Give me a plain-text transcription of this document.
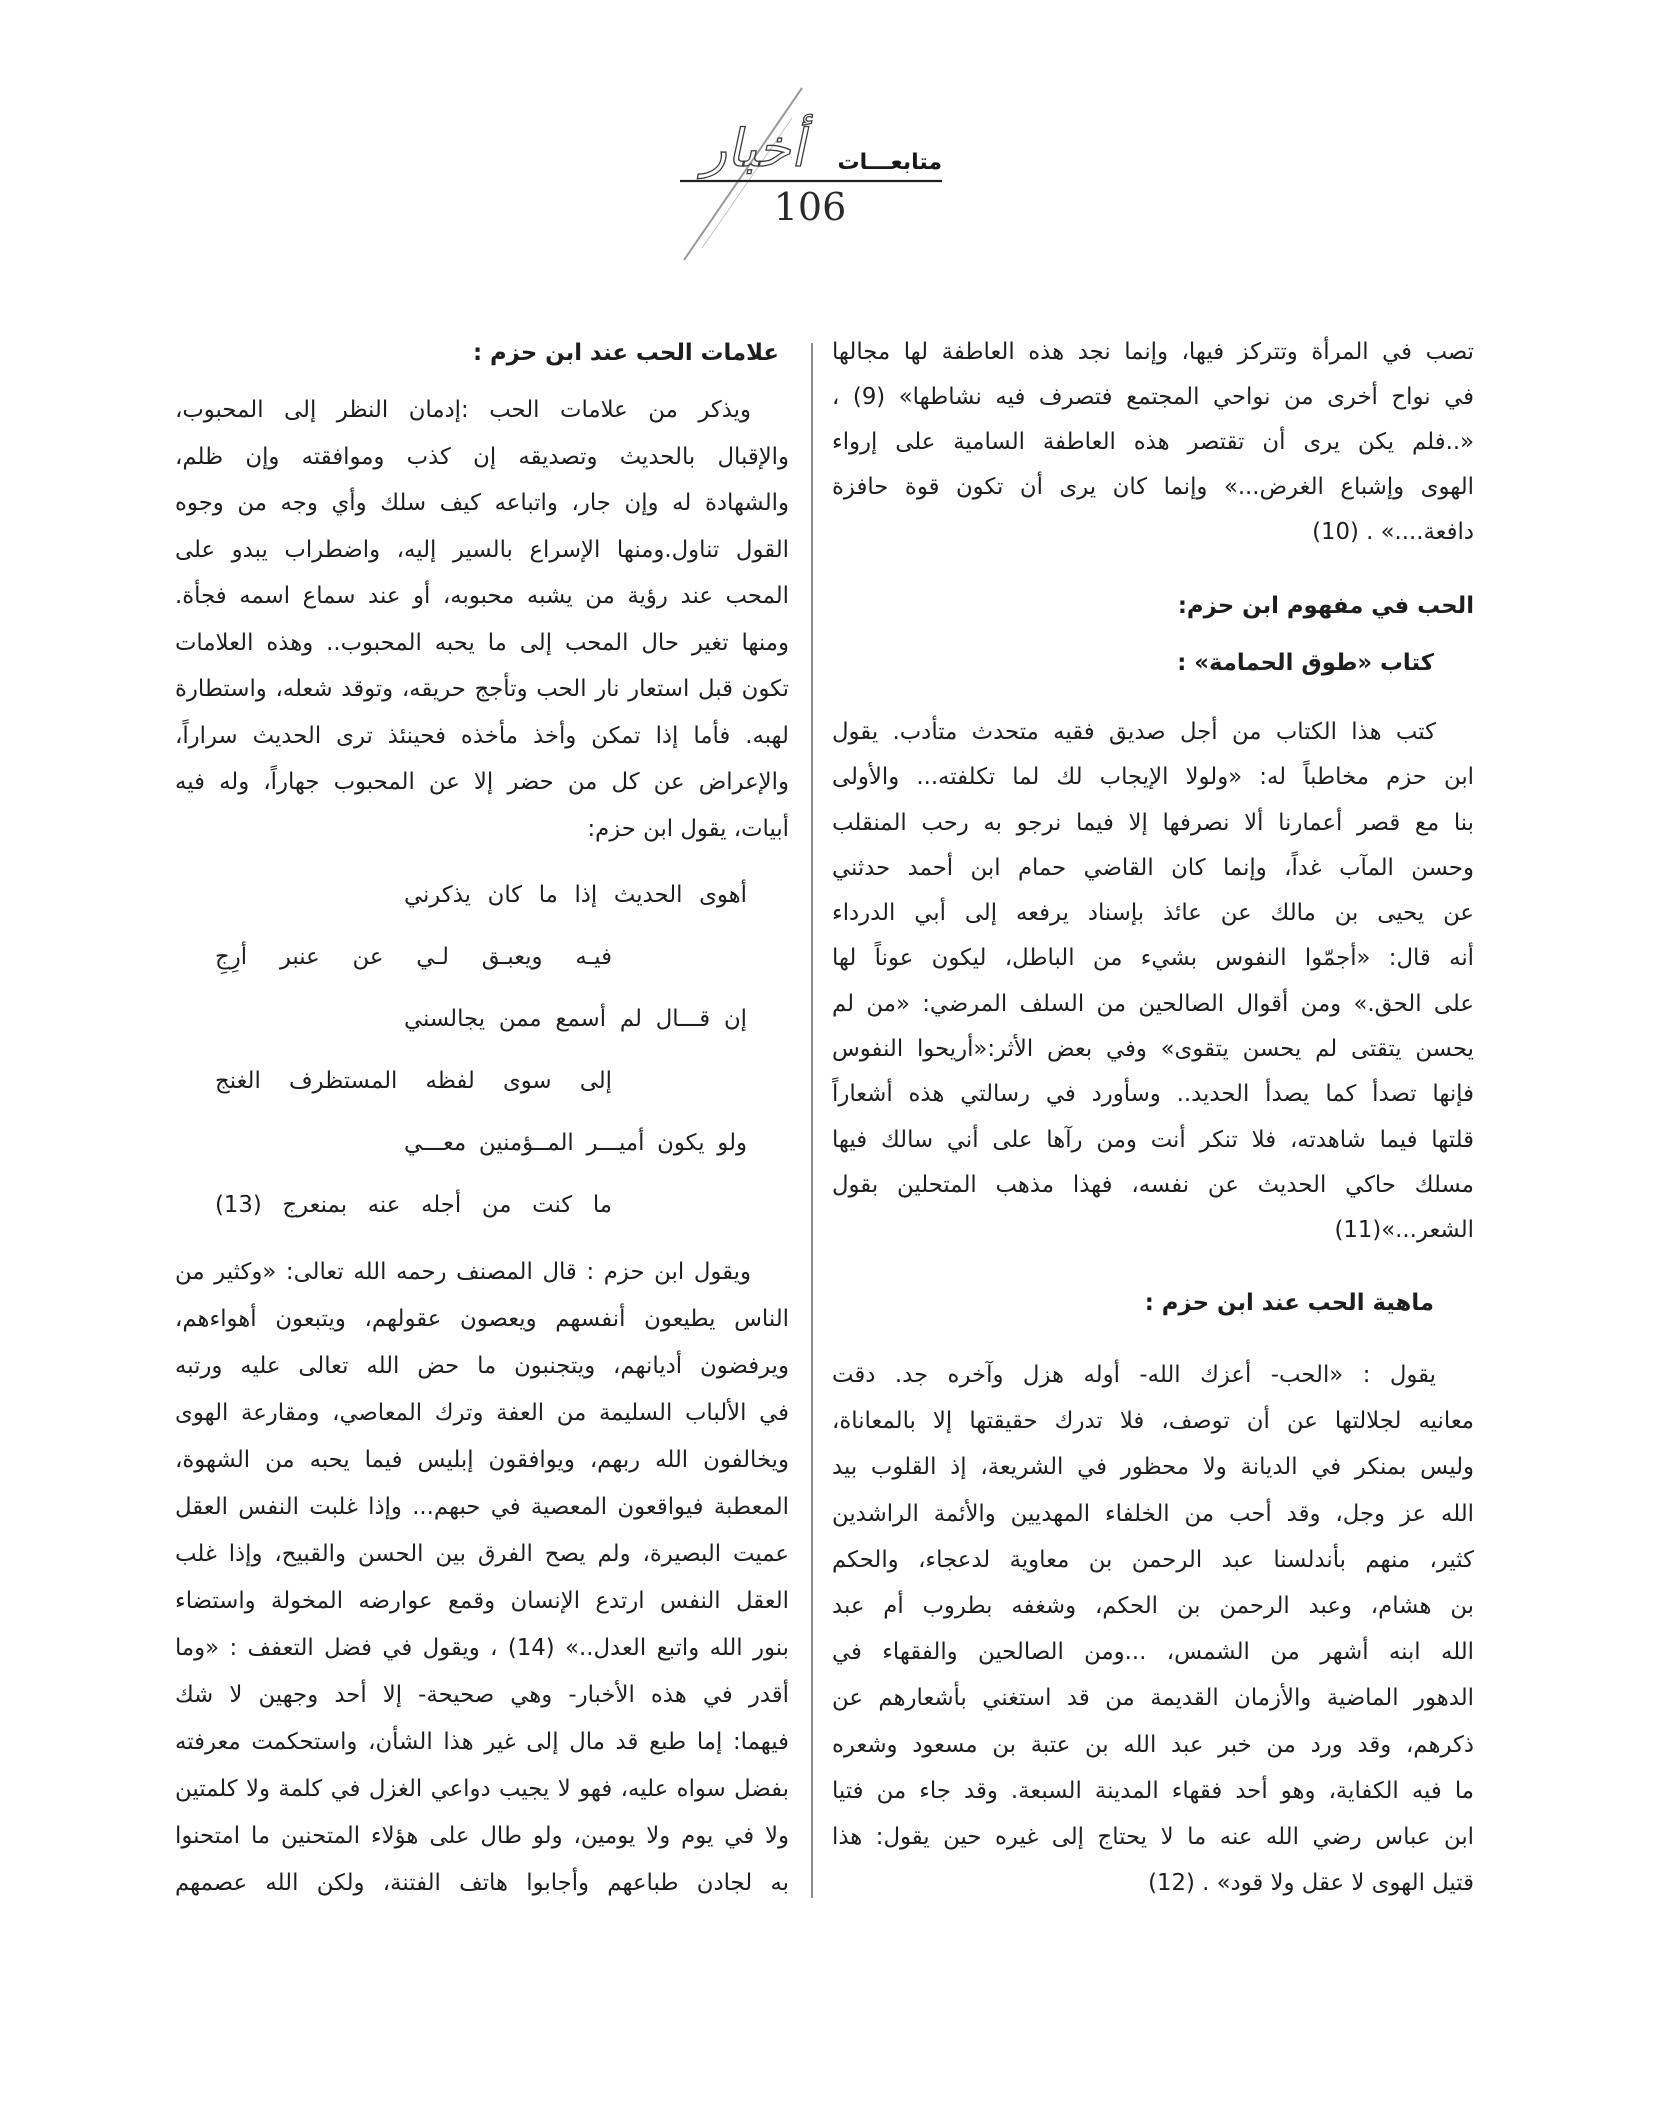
أخبار متابعـــات
106
تصب في المرأة وتتركز فيها، وإنما نجد هذه العاطفة لها مجالها
في نواح أخرى من نواحي المجتمع فتصرف فيه نشاطها» (9) ،
«..فلم يكن يرى أن تقتصر هذه العاطفة السامية على إرواء
الهوى وإشباع الغرض...» وإنما كان يرى أن تكون قوة حافزة
دافعة....» . (10)
الحب في مفهوم ابن حزم:
كتاب «طوق الحمامة» :
كتب هذا الكتاب من أجل صديق فقيه متحدث متأدب. يقول
ابن حزم مخاطباً له: «ولولا الإيجاب لك لما تكلفته... والأولى
بنا مع قصر أعمارنا ألا نصرفها إلا فيما نرجو به رحب المنقلب
وحسن المآب غداً، وإنما كان القاضي حمام ابن أحمد حدثني
عن يحيى بن مالك عن عائذ بإسناد يرفعه إلى أبي الدرداء
أنه قال: «أجمّوا النفوس بشيء من الباطل، ليكون عوناً لها
على الحق.» ومن أقوال الصالحين من السلف المرضي: «من لم
يحسن يتقتى لم يحسن يتقوى» وفي بعض الأثر:«أريحوا النفوس
فإنها تصدأ كما يصدأ الحديد.. وسأورد في رسالتي هذه أشعاراً
قلتها فيما شاهدته، فلا تنكر أنت ومن رآها على أني سالك فيها
مسلك حاكي الحديث عن نفسه، فهذا مذهب المتحلين بقول
الشعر...»(11)
ماهية الحب عند ابن حزم :
يقول : «الحب- أعزك الله- أوله هزل وآخره جد. دقت
معانيه لجلالتها عن أن توصف، فلا تدرك حقيقتها إلا بالمعاناة،
وليس بمنكر في الديانة ولا محظور في الشريعة، إذ القلوب بيد
الله عز وجل، وقد أحب من الخلفاء المهديين والأئمة الراشدين
كثير، منهم بأندلسنا عبد الرحمن بن معاوية لدعجاء، والحكم
بن هشام، وعبد الرحمن بن الحكم، وشغفه بطروب أم عبد
الله ابنه أشهر من الشمس، ...ومن الصالحين والفقهاء في
الدهور الماضية والأزمان القديمة من قد استغني بأشعارهم عن
ذكرهم، وقد ورد من خبر عبد الله بن عتبة بن مسعود وشعره
ما فيه الكفاية، وهو أحد فقهاء المدينة السبعة. وقد جاء من فتيا
ابن عباس رضي الله عنه ما لا يحتاج إلى غيره حين يقول: هذا
قتيل الهوى لا عقل ولا قود» . (12)
علامات الحب عند ابن حزم :
ويذكر من علامات الحب :إدمان النظر إلى المحبوب،
والإقبال بالحديث وتصديقه إن كذب وموافقته وإن ظلم،
والشهادة له وإن جار، واتباعه كيف سلك وأي وجه من وجوه
القول تناول.ومنها الإسراع بالسير إليه، واضطراب يبدو على
المحب عند رؤية من يشبه محبوبه، أو عند سماع اسمه فجأة.
ومنها تغير حال المحب إلى ما يحبه المحبوب.. وهذه العلامات
تكون قبل استعار نار الحب وتأجج حريقه، وتوقد شعله، واستطارة
لهبه. فأما إذا تمكن وأخذ مأخذه فحينئذ ترى الحديث سراراً،
والإعراض عن كل من حضر إلا عن المحبوب جهاراً، وله فيه
أبيات، يقول ابن حزم:
أهوى الحديث إذا ما كان يذكرني
فيـه ويعبـق لـي عن عنبر أرِجِ
إن قـــال لم أسمع ممن يجالسني
إلى سوى لفظه المستظرف الغنج
ولو يكون أميـــر المــؤمنين معـــي
ما كنت من أجله عنه بمنعرج (13)
ويقول ابن حزم : قال المصنف رحمه الله تعالى: «وكثير من
الناس يطيعون أنفسهم ويعصون عقولهم، ويتبعون أهواءهم،
ويرفضون أديانهم، ويتجنبون ما حض الله تعالى عليه ورتبه
في الألباب السليمة من العفة وترك المعاصي، ومقارعة الهوى
ويخالفون الله ربهم، ويوافقون إبليس فيما يحبه من الشهوة،
المعطبة فيواقعون المعصية في حبهم... وإذا غلبت النفس العقل
عميت البصيرة، ولم يصح الفرق بين الحسن والقبيح، وإذا غلب
العقل النفس ارتدع الإنسان وقمع عوارضه المخولة واستضاء
بنور الله واتبع العدل..» (14) ، ويقول في فضل التعفف : «وما
أقدر في هذه الأخبار- وهي صحيحة- إلا أحد وجهين لا شك
فيهما: إما طبع قد مال إلى غير هذا الشأن، واستحكمت معرفته
بفضل سواه عليه، فهو لا يجيب دواعي الغزل في كلمة ولا كلمتين
ولا في يوم ولا يومين، ولو طال على هؤلاء المتحنين ما امتحنوا
به لجادن طباعهم وأجابوا هاتف الفتنة، ولكن الله عصمهم
